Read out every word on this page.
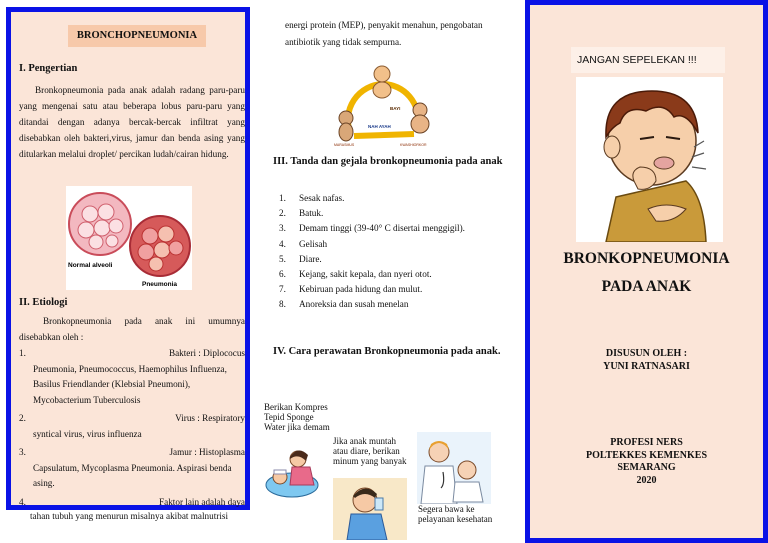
BRONCHOPNEUMONIA
I. Pengertian

Bronkopneumonia pada anak adalah radang paru-paru yang mengenai satu atau beberapa lobus paru-paru yang ditandai dengan adanya bercak-bercak infiltrat yang disebabkan oleh bakteri,virus, jamur dan benda asing yang ditularkan melalui droplet/ percikan ludah/cairan hidung.

Normal alveoli
Pneumonia
II. Etiologi

Bronkopneumonia pada anak ini umumnya disebabkan oleh :

1.	Bakteri : Diplococus
Pneumonia, Pneumococcus, Haemophilus Influenza, Basilus Friendlander (Klebsial Pneumoni), Mycobacterium Tuberculosis
2.	Virus : Respiratory
syntical virus, virus influenza
3.	Jamur : Histoplasma
Capsulatum, Mycoplasma Pneumonia. Aspirasi benda asing.
4.	Faktor lain adalah daya
tahan tubuh yang menurun misalnya akibat malnutrisi

energi protein (MEP), penyakit menahun, pengobatan antibiotik yang tidak sempurna.

BAYI
NAH AYAH
MARASMUS	KWASHIORKOR
III. Tanda dan gejala bronkopneumonia pada anak
1. Sesak nafas.
2. Batuk.
3. Demam tinggi (39-40° C disertai menggigil).
4. Gelisah
5. Diare.
6. Kejang, sakit kepala, dan nyeri otot.
7. Kebiruan pada hidung dan mulut.
8. Anoreksia dan susah menelan
IV. Cara perawatan Bronkopneumonia pada anak.
Berikan Kompres Tepid Sponge Water jika demam
Jika anak muntah atau diare, berikan minum yang banyak
Segera bawa ke pelayanan kesehatan
JANGAN SEPELEKAN !!!
BRONKOPNEUMONIA
PADA ANAK
DISUSUN OLEH :
YUNI RATNASARI
PROFESI NERS
POLTEKKES KEMENKES
SEMARANG
2020
